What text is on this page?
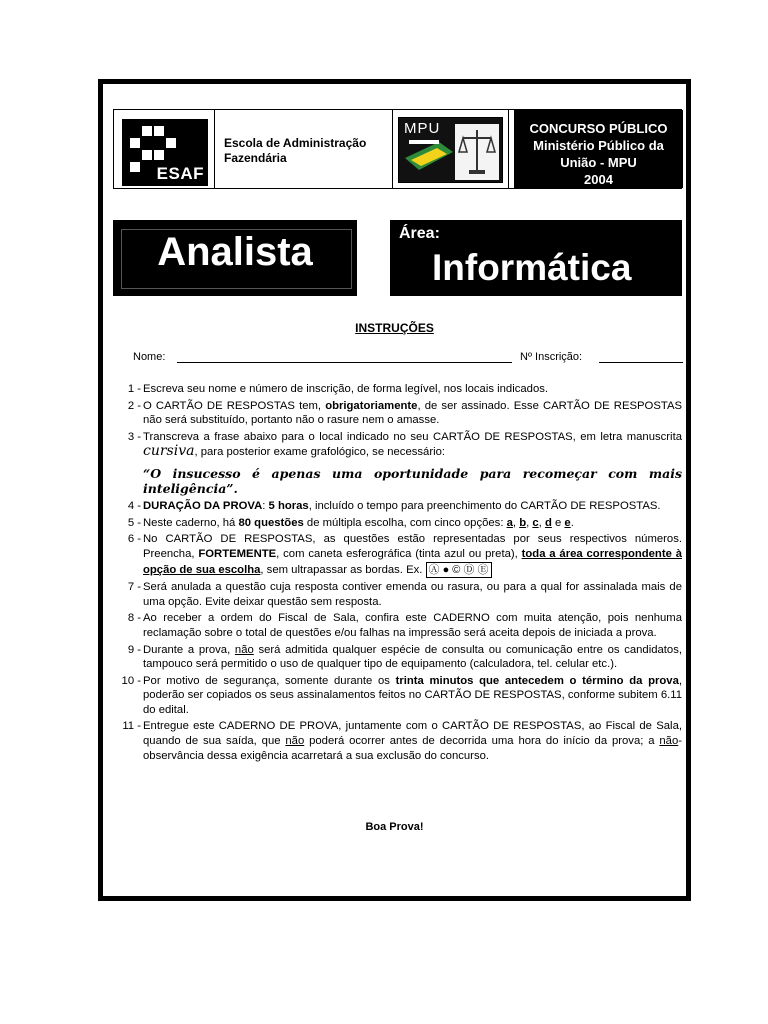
ESAF
Escola de Administração Fazendária
MPU	CONCURSO PÚBLICO
Ministério Público da
União - MPU
2004
Analista	Área:
Informática
INSTRUÇÕES
Nome:	Nº Inscrição:
1 - Escreva seu nome e número de inscrição, de forma legível, nos locais indicados.
2 - O CARTÃO DE RESPOSTAS tem, obrigatoriamente, de ser assinado. Esse CARTÃO DE RESPOSTAS não será substituído, portanto não o rasure nem o amasse.
3 - Transcreva a frase abaixo para o local indicado no seu CARTÃO DE RESPOSTAS, em letra manuscrita cursiva, para posterior exame grafológico, se necessário:
“O insucesso é apenas uma oportunidade para recomeçar com mais inteligência”.
4 - DURAÇÃO DA PROVA: 5 horas, incluído o tempo para preenchimento do CARTÃO DE RESPOSTAS.
5 - Neste caderno, há 80 questões de múltipla escolha, com cinco opções: a, b, c, d e e.
6 - No CARTÃO DE RESPOSTAS, as questões estão representadas por seus respectivos números. Preencha, FORTEMENTE, com caneta esferográfica (tinta azul ou preta), toda a área correspondente à opção de sua escolha, sem ultrapassar as bordas. Ex. Ⓐ ● © Ⓓ Ⓔ
7 - Será anulada a questão cuja resposta contiver emenda ou rasura, ou para a qual for assinalada mais de uma opção. Evite deixar questão sem resposta.
8 - Ao receber a ordem do Fiscal de Sala, confira este CADERNO com muita atenção, pois nenhuma reclamação sobre o total de questões e/ou falhas na impressão será aceita depois de iniciada a prova.
9 - Durante a prova, não será admitida qualquer espécie de consulta ou comunicação entre os candidatos, tampouco será permitido o uso de qualquer tipo de equipamento (calculadora, tel. celular etc.).
10 - Por motivo de segurança, somente durante os trinta minutos que antecedem o término da prova, poderão ser copiados os seus assinalamentos feitos no CARTÃO DE RESPOSTAS, conforme subitem 6.11 do edital.
11 - Entregue este CADERNO DE PROVA, juntamente com o CARTÃO DE RESPOSTAS, ao Fiscal de Sala, quando de sua saída, que não poderá ocorrer antes de decorrida uma hora do início da prova; a não-observância dessa exigência acarretará a sua exclusão do concurso.
Boa Prova!
